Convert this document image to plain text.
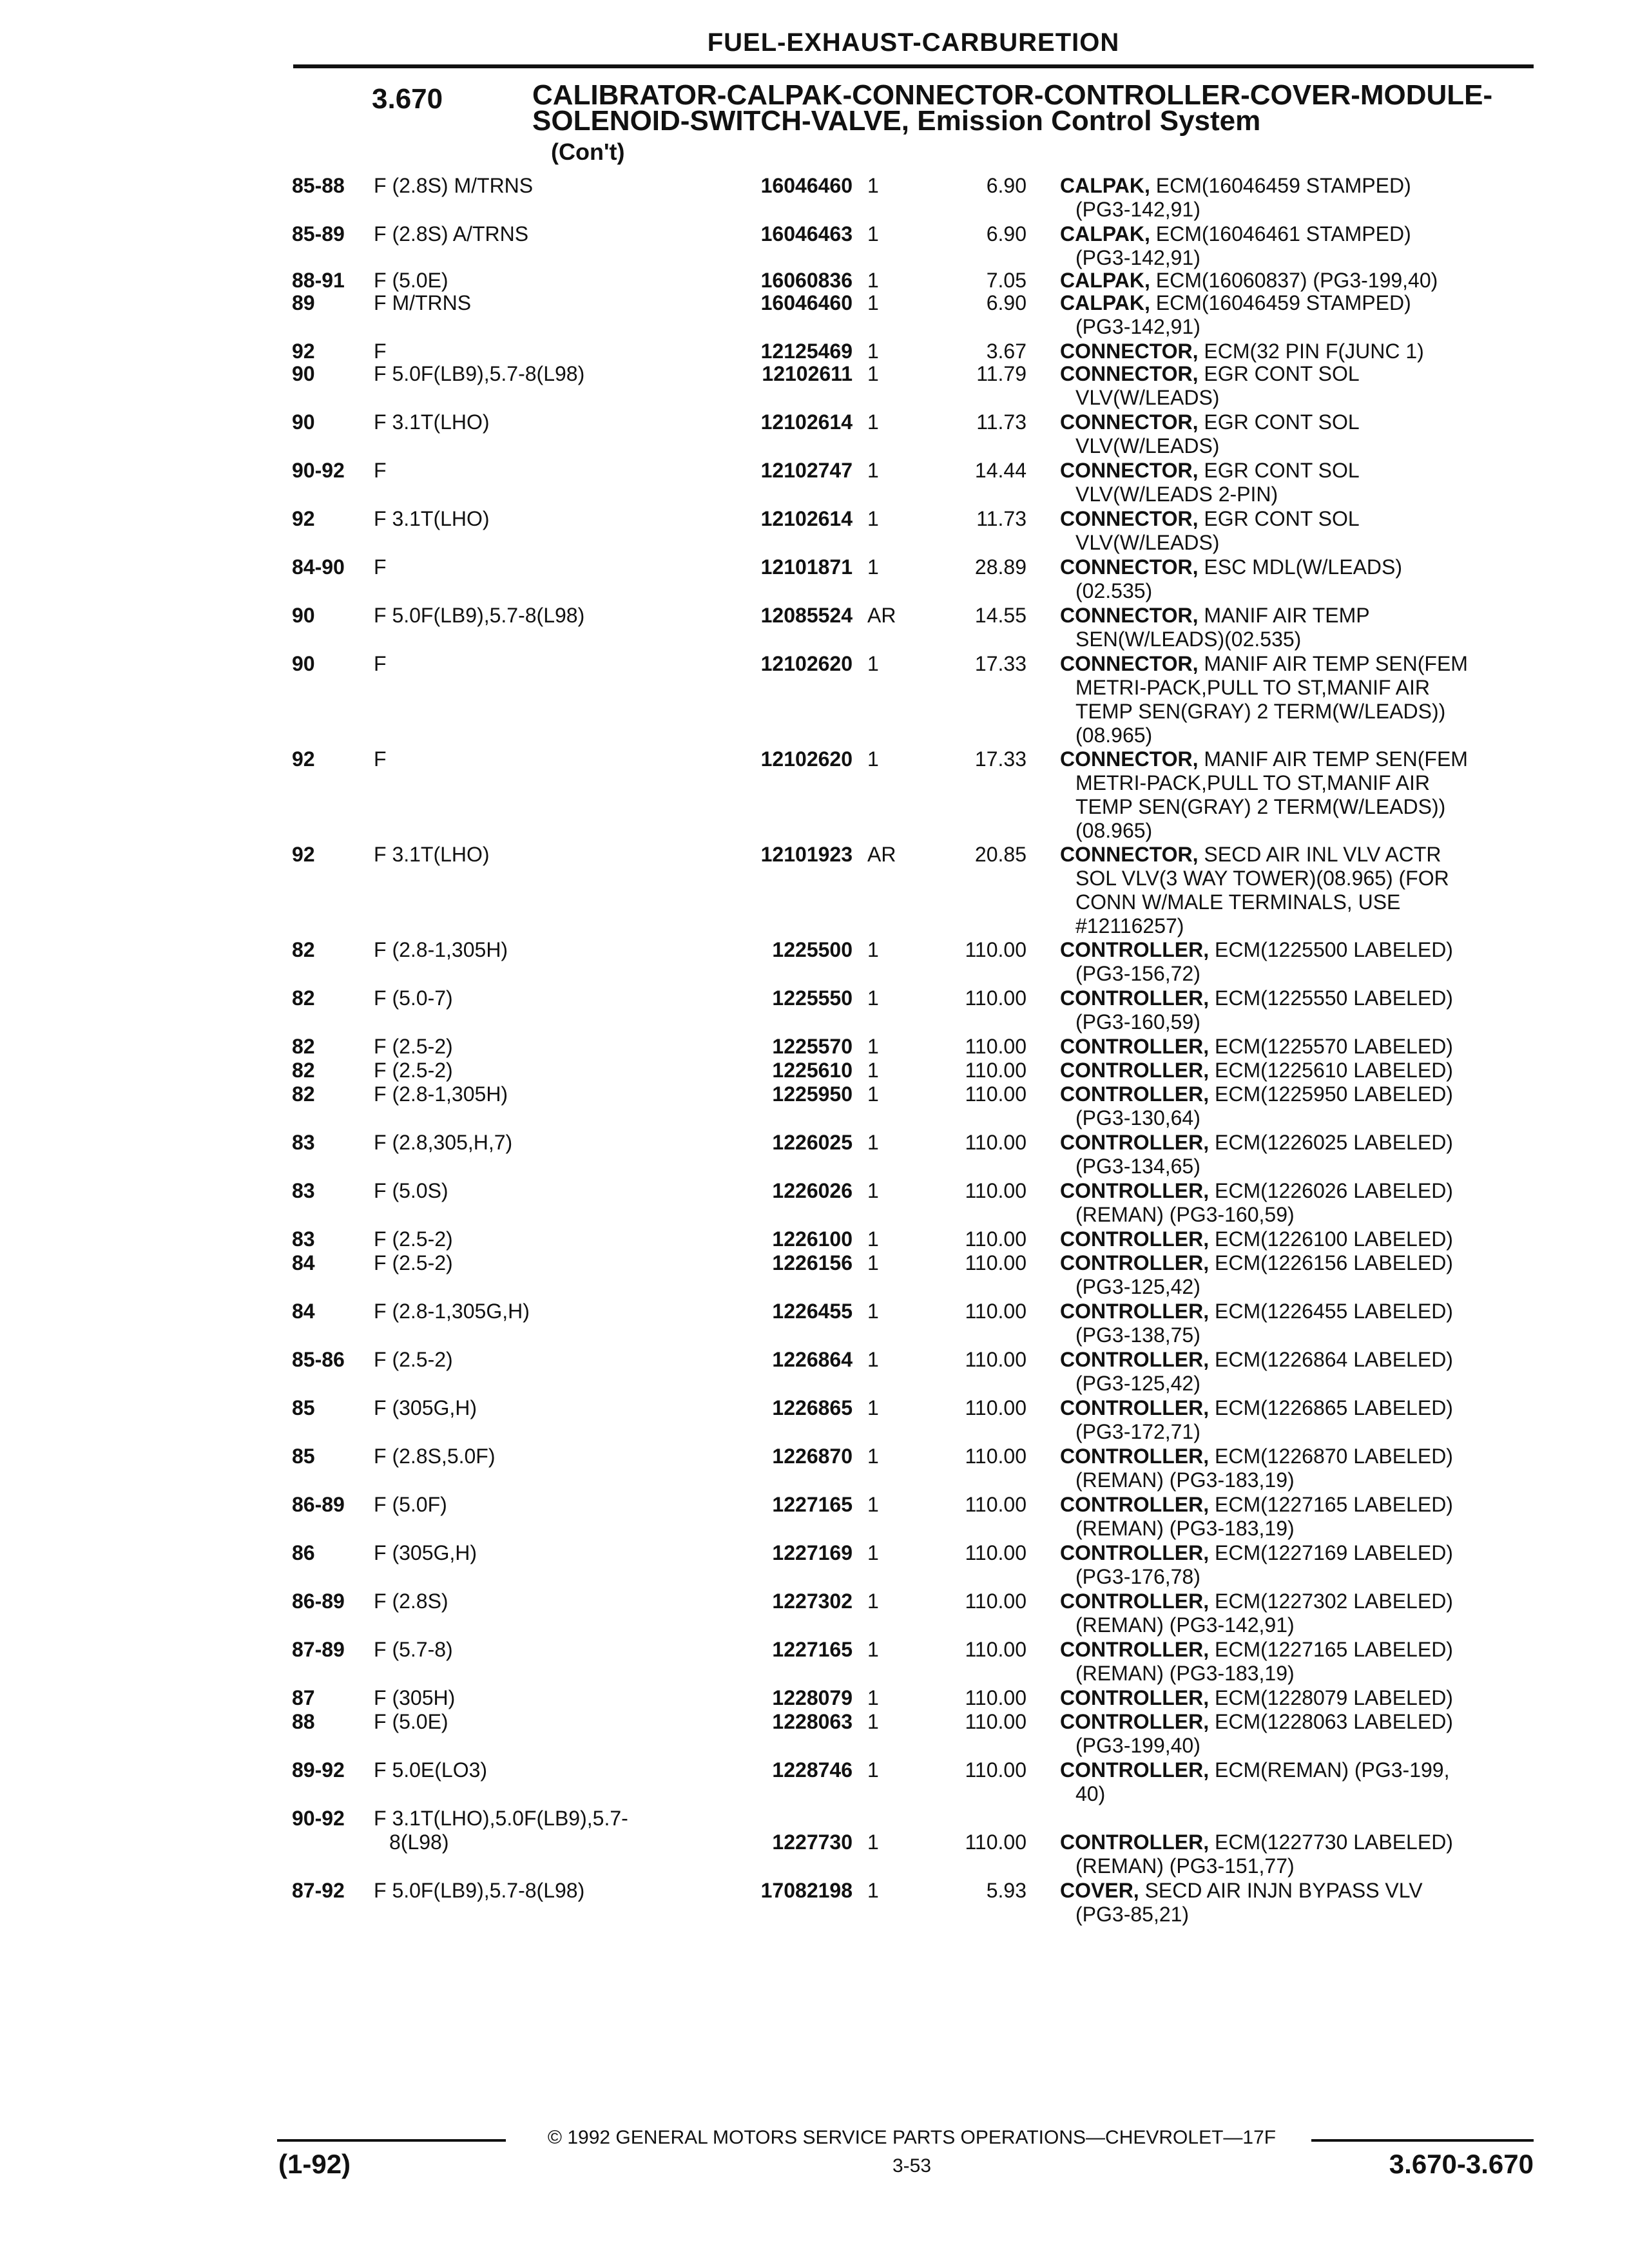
FUEL-EXHAUST-CARBURETION
3.670	CALIBRATOR-CALPAK-CONNECTOR-CONTROLLER-COVER-MODULE-SOLENOID-SWITCH-VALVE, Emission Control System
(Con't)
85-88 F (2.8S) M/TRNS	16046460 1	6.90 CALPAK, ECM(16046459 STAMPED)
(PG3-142,91)
85-89 F (2.8S) A/TRNS	16046463 1	6.90 CALPAK, ECM(16046461 STAMPED)
(PG3-142,91)
88-91 F (5.0E)	16060836 1	7.05 CALPAK, ECM(16060837) (PG3-199,40)
89	F M/TRNS	16046460 1	6.90 CALPAK, ECM(16046459 STAMPED)
(PG3-142,91)
92	F	12125469 1	3.67 CONNECTOR, ECM(32 PIN F(JUNC 1)
90	F 5.0F(LB9),5.7-8(L98)	12102611 1	11.79 CONNECTOR, EGR CONT SOL
VLV(W/LEADS)
90	F 3.1T(LHO)	12102614 1	11.73 CONNECTOR, EGR CONT SOL
VLV(W/LEADS)
90-92 F	12102747 1	14.44 CONNECTOR, EGR CONT SOL
VLV(W/LEADS 2-PIN)
92	F 3.1T(LHO)	12102614 1	11.73 CONNECTOR, EGR CONT SOL
VLV(W/LEADS)
84-90 F	12101871 1	28.89 CONNECTOR, ESC MDL(W/LEADS)
(02.535)
90	F 5.0F(LB9),5.7-8(L98)	12085524 AR	14.55 CONNECTOR, MANIF AIR TEMP
SEN(W/LEADS)(02.535)
90	F	12102620 1	17.33 CONNECTOR, MANIF AIR TEMP SEN(FEM
METRI-PACK,PULL TO ST,MANIF AIR
TEMP SEN(GRAY) 2 TERM(W/LEADS))
(08.965)
92	F	12102620 1	17.33 CONNECTOR, MANIF AIR TEMP SEN(FEM
METRI-PACK,PULL TO ST,MANIF AIR
TEMP SEN(GRAY) 2 TERM(W/LEADS))
(08.965)
92	F 3.1T(LHO)	12101923 AR	20.85 CONNECTOR, SECD AIR INL VLV ACTR
SOL VLV(3 WAY TOWER)(08.965) (FOR
CONN W/MALE TERMINALS, USE
#12116257)
82	F (2.8-1,305H)	1225500 1	110.00 CONTROLLER, ECM(1225500 LABELED)
(PG3-156,72)
82	F (5.0-7)	1225550 1	110.00 CONTROLLER, ECM(1225550 LABELED)
(PG3-160,59)
82	F (2.5-2)	1225570 1	110.00 CONTROLLER, ECM(1225570 LABELED)
82	F (2.5-2)	1225610 1	110.00 CONTROLLER, ECM(1225610 LABELED)
82	F (2.8-1,305H)	1225950 1	110.00 CONTROLLER, ECM(1225950 LABELED)
(PG3-130,64)
83	F (2.8,305,H,7)	1226025 1	110.00 CONTROLLER, ECM(1226025 LABELED)
(PG3-134,65)
83	F (5.0S)	1226026 1	110.00 CONTROLLER, ECM(1226026 LABELED)
(REMAN) (PG3-160,59)
83	F (2.5-2)	1226100 1	110.00 CONTROLLER, ECM(1226100 LABELED)
84	F (2.5-2)	1226156 1	110.00 CONTROLLER, ECM(1226156 LABELED)
(PG3-125,42)
84	F (2.8-1,305G,H)	1226455 1	110.00 CONTROLLER, ECM(1226455 LABELED)
(PG3-138,75)
85-86 F (2.5-2)	1226864 1	110.00 CONTROLLER, ECM(1226864 LABELED)
(PG3-125,42)
85	F (305G,H)	1226865 1	110.00 CONTROLLER, ECM(1226865 LABELED)
(PG3-172,71)
85	F (2.8S,5.0F)	1226870 1	110.00 CONTROLLER, ECM(1226870 LABELED)
(REMAN) (PG3-183,19)
86-89 F (5.0F)	1227165 1	110.00 CONTROLLER, ECM(1227165 LABELED)
(REMAN) (PG3-183,19)
86	F (305G,H)	1227169 1	110.00 CONTROLLER, ECM(1227169 LABELED)
(PG3-176,78)
86-89 F (2.8S)	1227302 1	110.00 CONTROLLER, ECM(1227302 LABELED)
(REMAN) (PG3-142,91)
87-89 F (5.7-8)	1227165 1	110.00 CONTROLLER, ECM(1227165 LABELED)
(REMAN) (PG3-183,19)
87	F (305H)	1228079 1	110.00 CONTROLLER, ECM(1228079 LABELED)
88	F (5.0E)	1228063 1	110.00 CONTROLLER, ECM(1228063 LABELED)
(PG3-199,40)
89-92 F 5.0E(LO3)	1228746 1	110.00 CONTROLLER, ECM(REMAN) (PG3-199,
40)
90-92 F 3.1T(LHO),5.0F(LB9),5.7-
8(L98)	1227730 1	110.00 CONTROLLER, ECM(1227730 LABELED)
(REMAN) (PG3-151,77)
87-92 F 5.0F(LB9),5.7-8(L98)	17082198 1	5.93 COVER, SECD AIR INJN BYPASS VLV
(PG3-85,21)
© 1992 GENERAL MOTORS SERVICE PARTS OPERATIONS—CHEVROLET—17F
(1-92)	3-53	3.670-3.670
